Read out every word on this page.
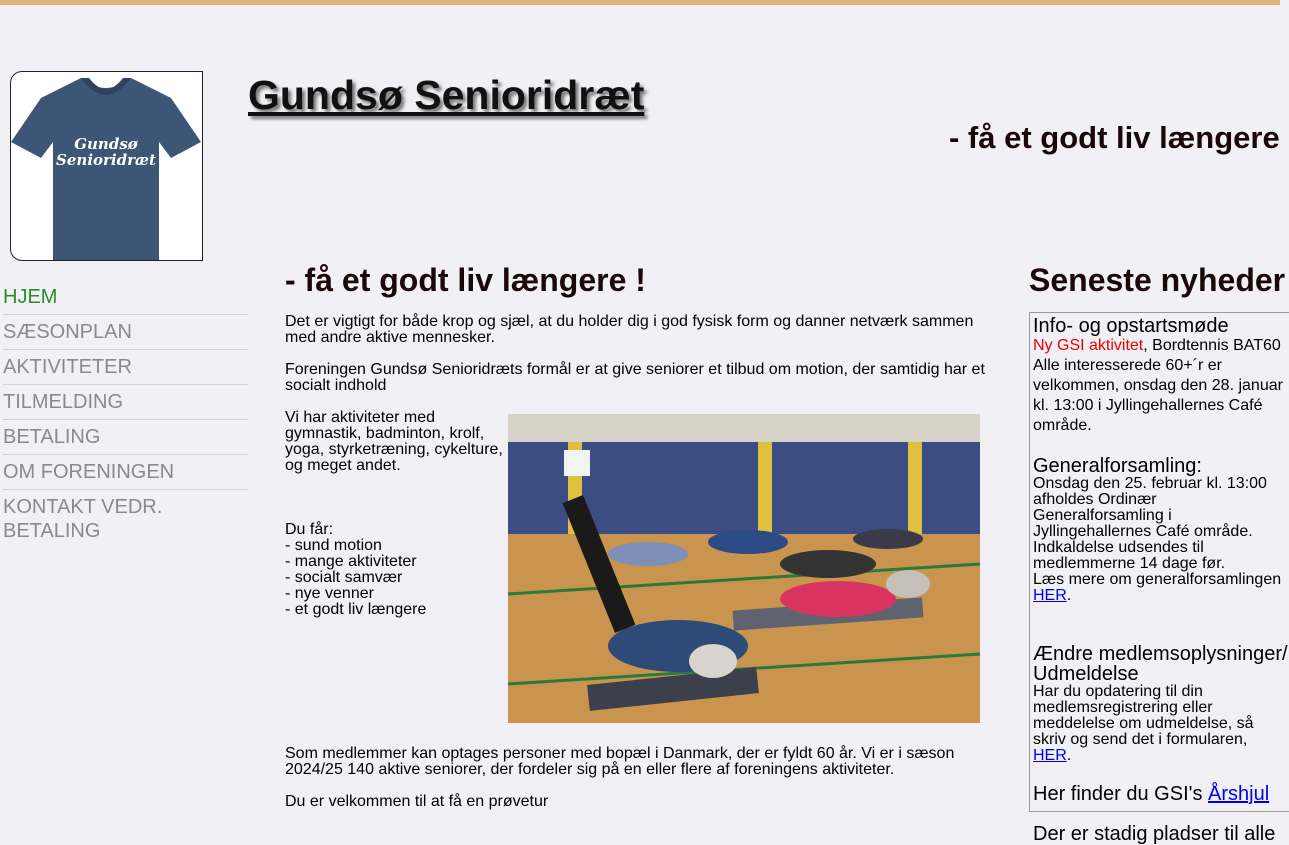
Gundsø
Senioridræt
Gundsø Senioridræt
- få et godt liv længere
HJEM
SÆSONPLAN
AKTIVITETER
TILMELDING
BETALING
OM FORENINGEN
KONTAKT VEDR. BETALING
- få et godt liv længere !

Det er vigtigt for både krop og sjæl, at du holder dig i god fysisk form og danner netværk sammen med andre aktive mennesker.

Foreningen Gundsø Senioridræts formål er at give seniorer et tilbud om motion, der samtidig har et socialt indhold

Vi har aktiviteter med gymnastik, badminton, krolf, yoga, styrketræning, cykelture, og meget andet.

Du får:
- sund motion
- mange aktiviteter
- socialt samvær
- nye venner
- et godt liv længere

Som medlemmer kan optages personer med bopæl i Danmark, der er fyldt 60 år. Vi er i sæson 2024/25 140 aktive seniorer, der fordeler sig på en eller flere af foreningens aktiviteter.

Du er velkommen til at få en prøvetur

Seneste nyheder
Info- og opstartsmøde
Ny GSI aktivitet, Bordtennis BAT60
Alle interesserede 60+´r er velkommen, onsdag den 28. januar kl. 13:00 i Jyllingehallernes Café område.
Generalforsamling:
Onsdag den 25. februar kl. 13:00 afholdes Ordinær Generalforsamling i Jyllingehallernes Café område. Indkaldelse udsendes til medlemmerne 14 dage før.
Læs mere om generalforsamlingen
HER.
Ændre medlemsoplysninger/ Udmeldelse
Har du opdatering til din medlemsregistrering eller meddelelse om udmeldelse, så skriv og send det i formularen, HER.
Her finder du GSI's Årshjul
Der er stadig pladser til alle
